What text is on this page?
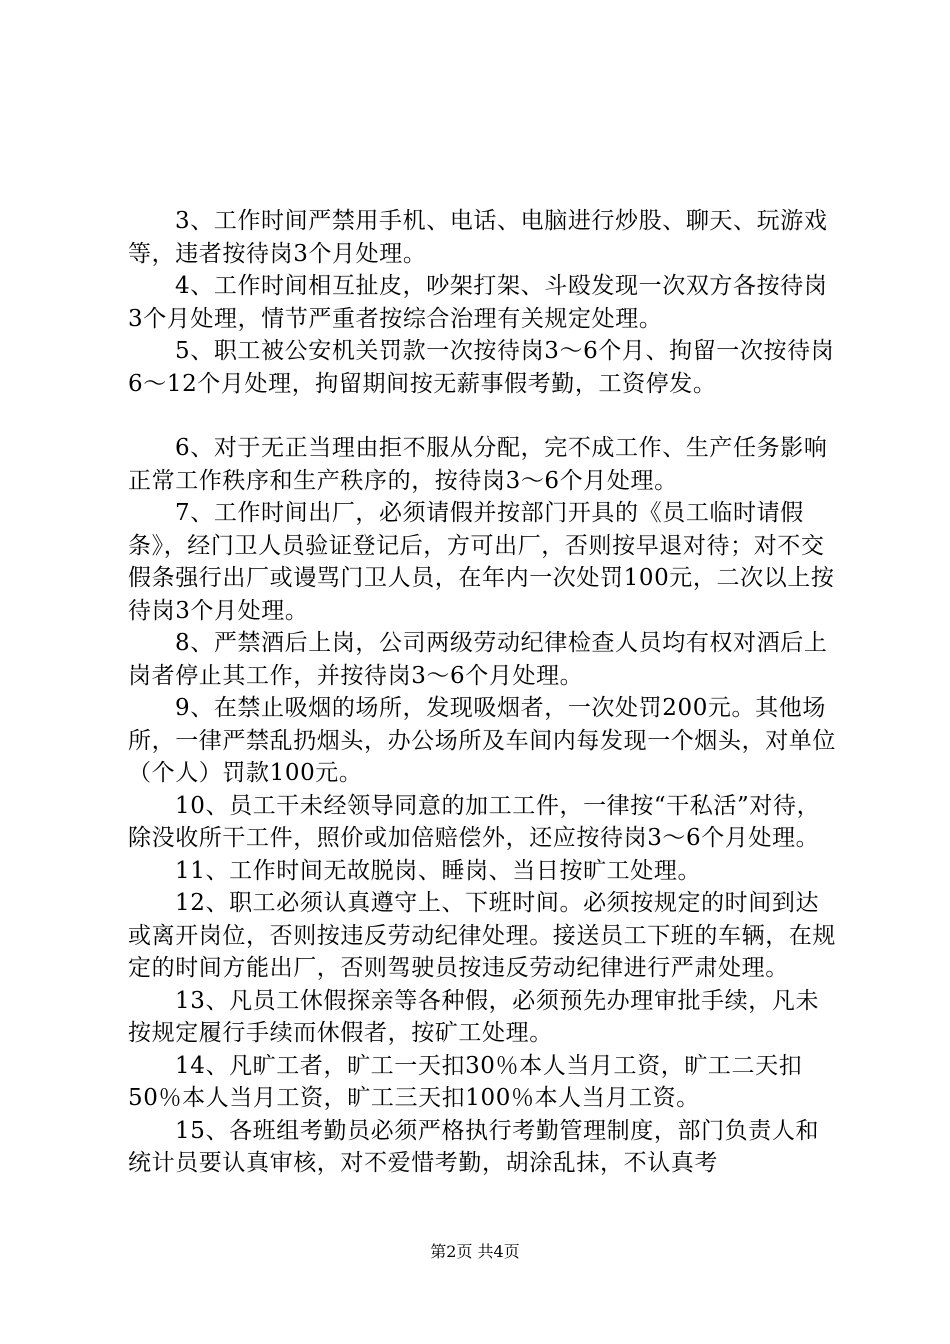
3、工作时间严禁用手机、电话、电脑进行炒股、聊天、玩游戏等，违者按待岗3个月处理。

4、工作时间相互扯皮，吵架打架、斗殴发现一次双方各按待岗3个月处理，情节严重者按综合治理有关规定处理。

5、职工被公安机关罚款一次按待岗3～6个月、拘留一次按待岗6～12个月处理，拘留期间按无薪事假考勤，工资停发。

6、对于无正当理由拒不服从分配，完不成工作、生产任务影响正常工作秩序和生产秩序的，按待岗3～6个月处理。

7、工作时间出厂，必须请假并按部门开具的《员工临时请假条》，经门卫人员验证登记后，方可出厂，否则按早退对待；对不交假条强行出厂或谩骂门卫人员，在年内一次处罚100元，二次以上按待岗3个月处理。

8、严禁酒后上岗，公司两级劳动纪律检查人员均有权对酒后上岗者停止其工作，并按待岗3～6个月处理。

9、在禁止吸烟的场所，发现吸烟者，一次处罚200元。其他场所，一律严禁乱扔烟头，办公场所及车间内每发现一个烟头，对单位（个人）罚款100元。

10、员工干未经领导同意的加工工件，一律按“干私活”对待，除没收所干工件，照价或加倍赔偿外，还应按待岗3～6个月处理。

11、工作时间无故脱岗、睡岗、当日按旷工处理。

12、职工必须认真遵守上、下班时间。必须按规定的时间到达或离开岗位，否则按违反劳动纪律处理。接送员工下班的车辆，在规定的时间方能出厂，否则驾驶员按违反劳动纪律进行严肃处理。

13、凡员工休假探亲等各种假，必须预先办理审批手续，凡未按规定履行手续而休假者，按矿工处理。

14、凡旷工者，旷工一天扣30％本人当月工资，旷工二天扣50％本人当月工资，旷工三天扣100％本人当月工资。

15、各班组考勤员必须严格执行考勤管理制度，部门负责人和统计员要认真审核，对不爱惜考勤，胡涂乱抹，不认真考

第2页 共4页
